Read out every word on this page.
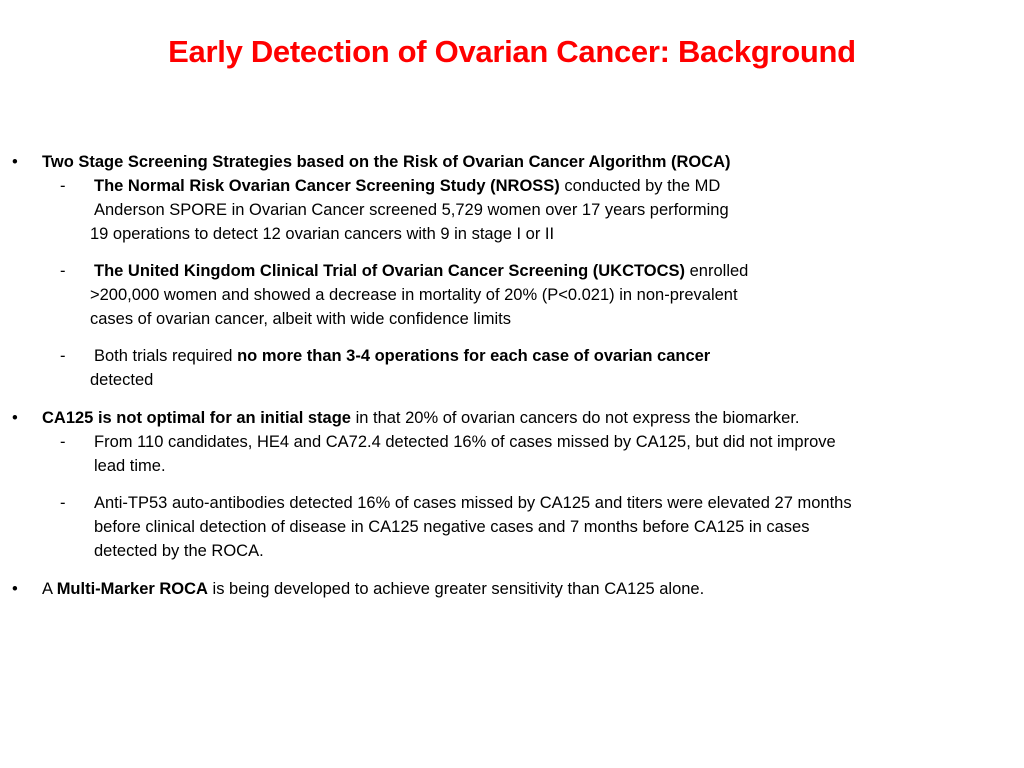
Early Detection of Ovarian Cancer: Background
• Two Stage Screening Strategies based on the Risk of Ovarian Cancer Algorithm (ROCA)
- The Normal Risk Ovarian Cancer Screening Study (NROSS) conducted by the MD
Anderson SPORE in Ovarian Cancer screened 5,729 women over 17 years performing
19 operations to detect 12 ovarian cancers with 9 in stage I or II
- The United Kingdom Clinical Trial of Ovarian Cancer Screening (UKCTOCS) enrolled
>200,000 women and showed a decrease in mortality of 20% (P<0.021) in non-prevalent
cases of ovarian cancer, albeit with wide confidence limits
- Both trials required no more than 3-4 operations for each case of ovarian cancer
detected
• CA125 is not optimal for an initial stage in that 20% of ovarian cancers do not express the biomarker.
- From 110 candidates, HE4 and CA72.4 detected 16% of cases missed by CA125, but did not improve
lead time.
- Anti-TP53 auto-antibodies detected 16% of cases missed by CA125 and titers were elevated 27 months
before clinical detection of disease in CA125 negative cases and 7 months before CA125 in cases
detected by the ROCA.
• A Multi-Marker ROCA is being developed to achieve greater sensitivity than CA125 alone.
